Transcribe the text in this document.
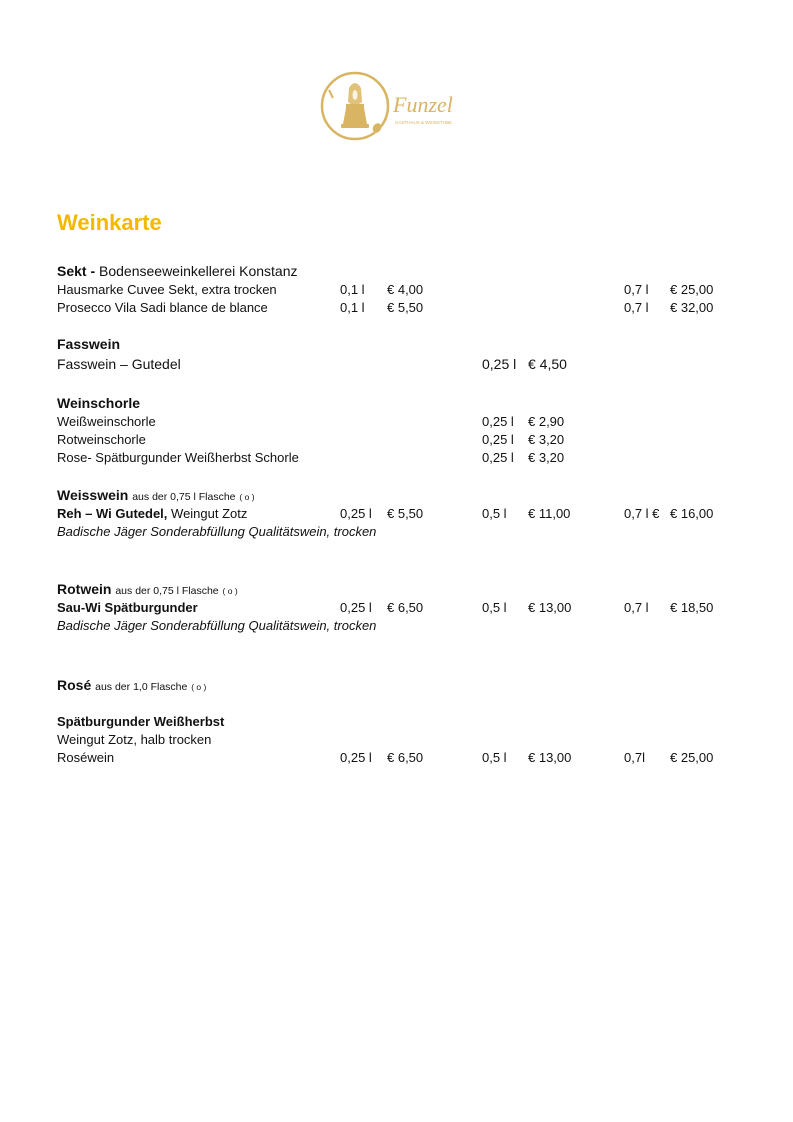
Funzel
GASTHAUS & WEINSTUBE
Weinkarte
Sekt - Bodenseeweinkellerei Konstanz
Hausmarke Cuvee Sekt, extra trocken	0,1 l € 4,00	0,7 l € 25,00
Prosecco Vila Sadi blance de blance	0,1 l € 5,50	0,7 l € 32,00
Fasswein
Fasswein – Gutedel	0,25 l € 4,50
Weinschorle
Weißweinschorle	0,25 l € 2,90
Rotweinschorle	0,25 l € 3,20
Rose- Spätburgunder Weißherbst Schorle	0,25 l € 3,20
Weisswein aus der 0,75 l Flasche ( o )
Reh – Wi Gutedel, Weingut Zotz	0,25 l € 5,50	0,5 l € 11,00	0,7 l € € 16,00
Badische Jäger Sonderabfüllung Qualitätswein, trocken
Rotwein aus der 0,75 l Flasche ( o )
Sau-Wi Spätburgunder	0,25 l € 6,50	0,5 l € 13,00	0,7 l € 18,50
Badische Jäger Sonderabfüllung Qualitätswein, trocken
Rosé aus der 1,0 Flasche ( o )
Spätburgunder Weißherbst
Weingut Zotz, halb trocken
Roséwein	0,25 l € 6,50	0,5 l € 13,00	0,7l € 25,00
